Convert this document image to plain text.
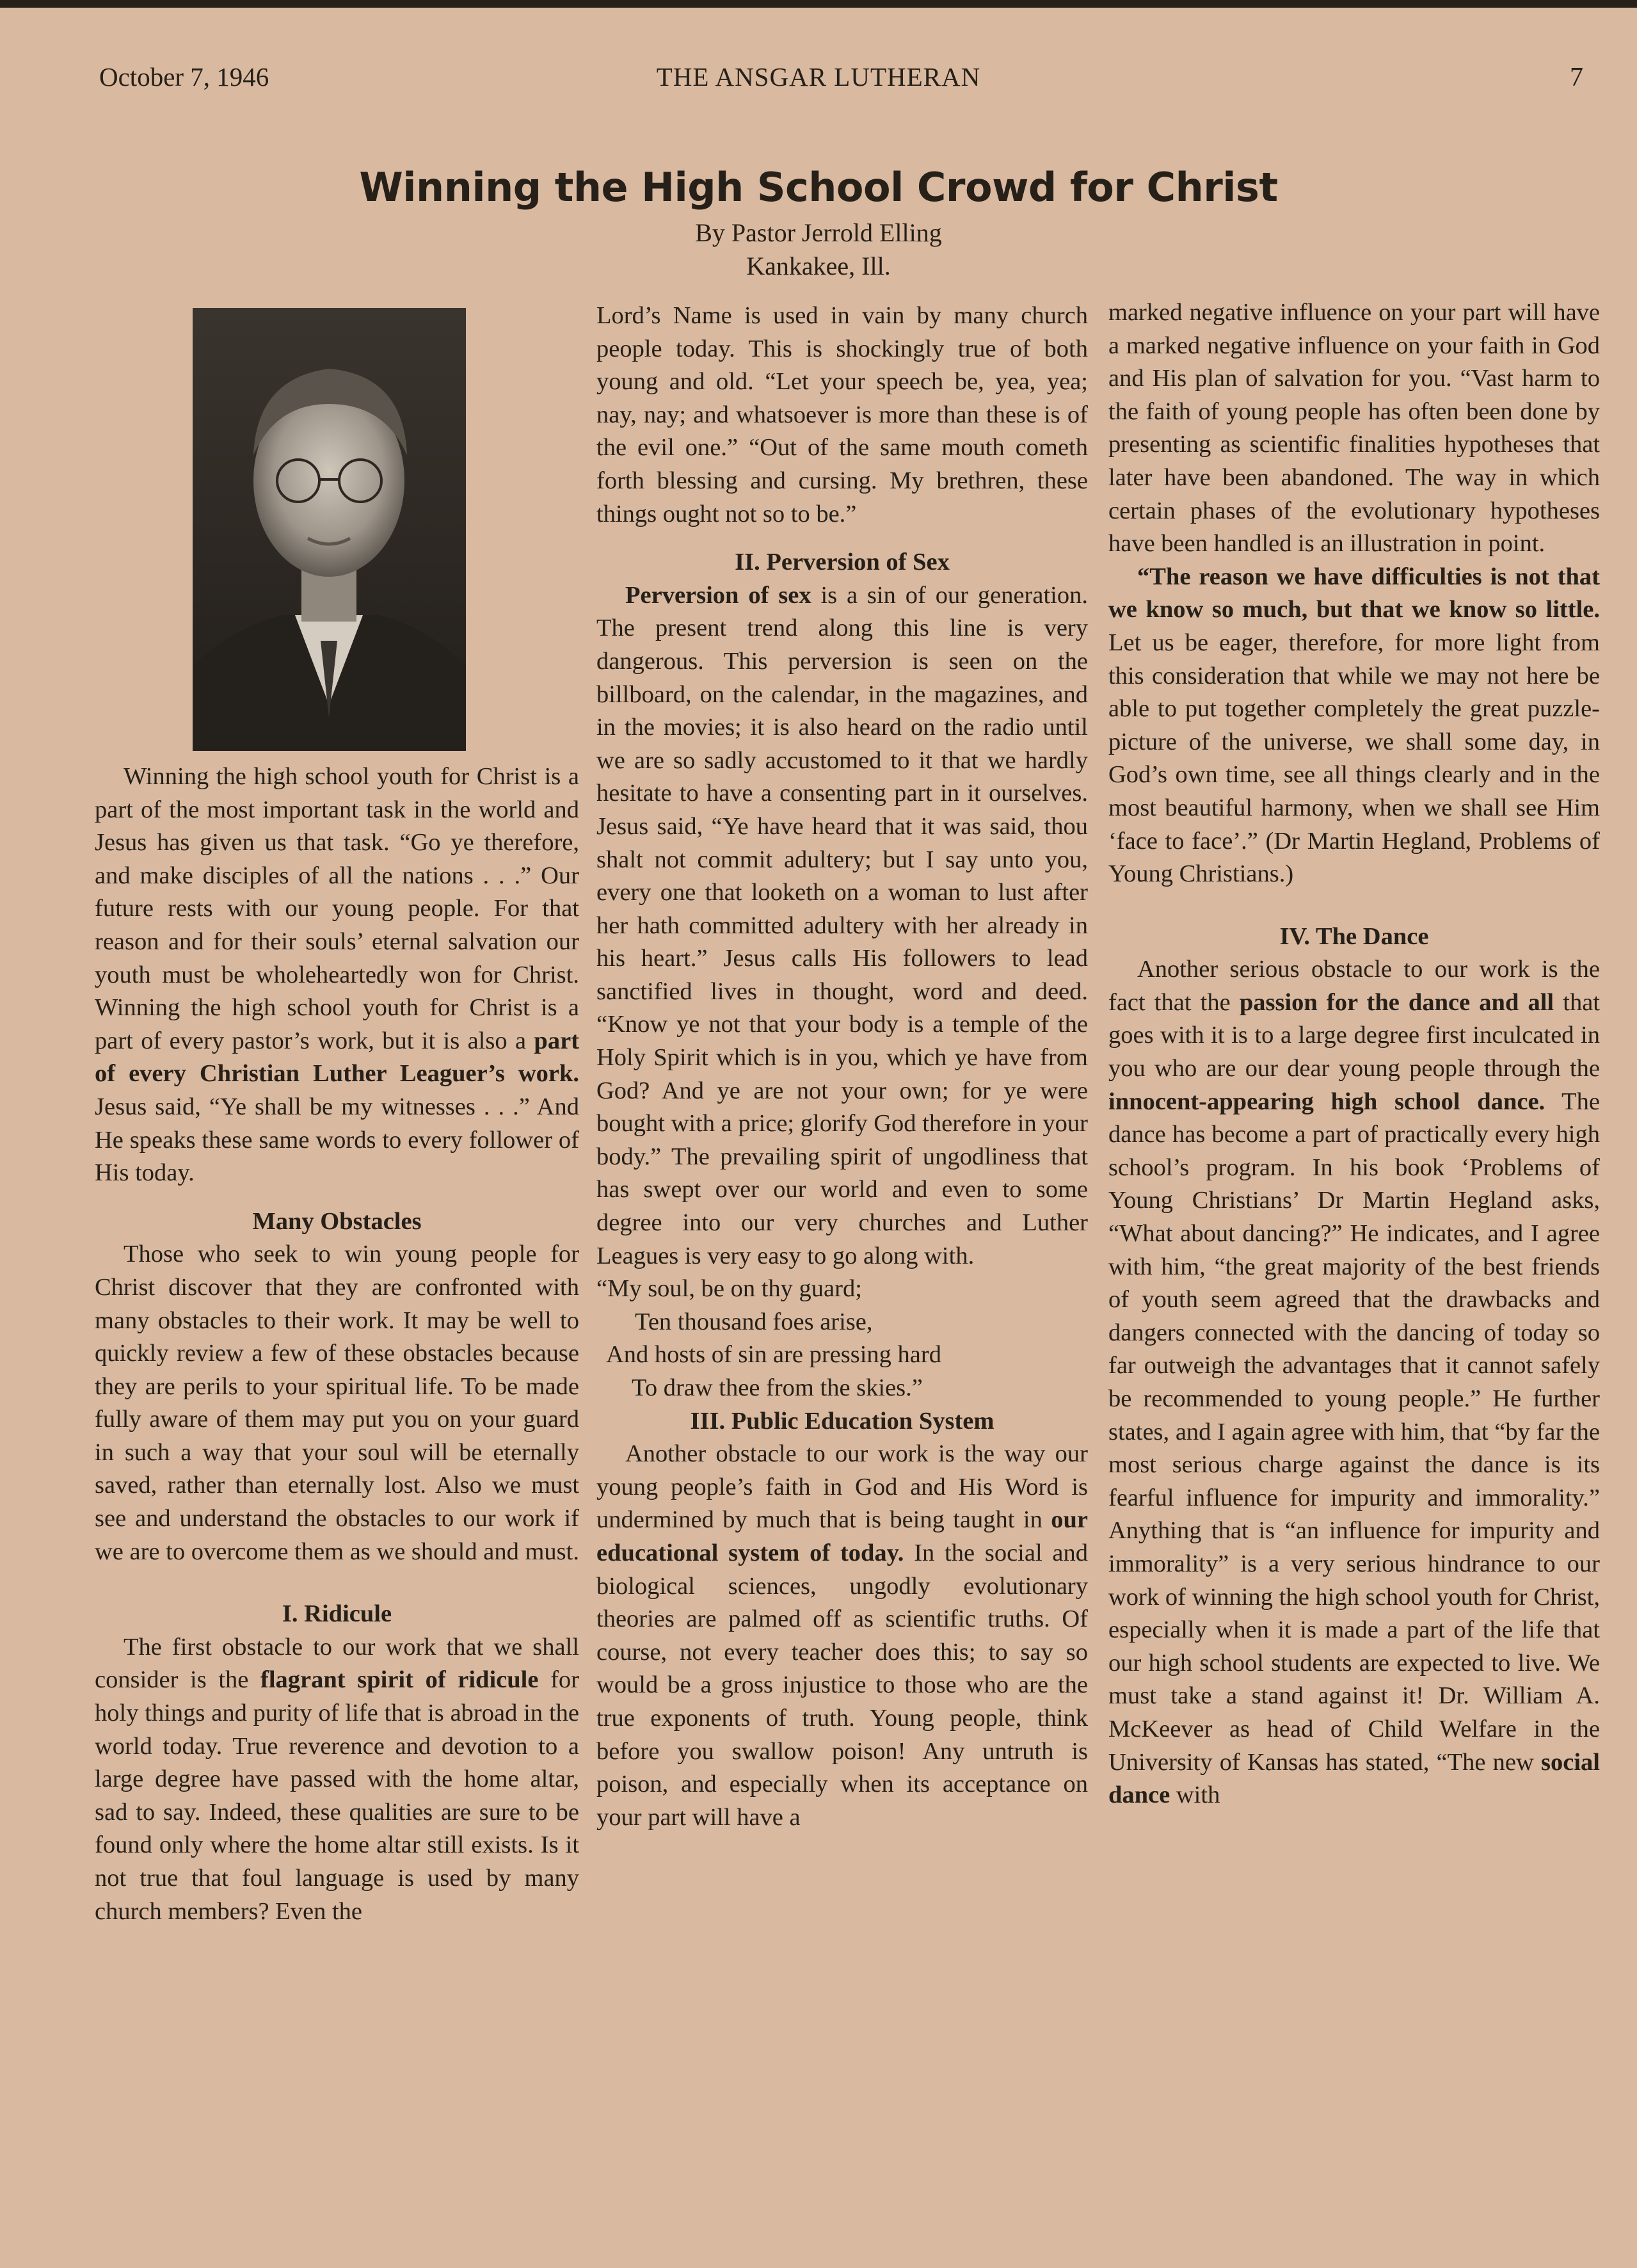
October 7, 1946	THE ANSGAR LUTHERAN	7
Winning the High School Crowd for Christ
By Pastor Jerrold Elling
Kankakee, Ill.

Winning the high school youth for Christ is a part of the most important task in the world and Jesus has given us that task. “Go ye therefore, and make disciples of all the nations . . .” Our future rests with our young people. For that reason and for their souls’ eternal salvation our youth must be wholeheartedly won for Christ. Winning the high school youth for Christ is a part of every pastor’s work, but it is also a part of every Christian Luther Leaguer’s work. Jesus said, “Ye shall be my witnesses . . .” And He speaks these same words to every follower of His today.

Many Obstacles

Those who seek to win young people for Christ discover that they are confronted with many obstacles to their work. It may be well to quickly review a few of these obstacles because they are perils to your spiritual life. To be made fully aware of them may put you on your guard in such a way that your soul will be eternally saved, rather than eternally lost. Also we must see and understand the obstacles to our work if we are to overcome them as we should and must.

I. Ridicule

The first obstacle to our work that we shall consider is the flagrant spirit of ridicule for holy things and purity of life that is abroad in the world today. True reverence and devotion to a large degree have passed with the home altar, sad to say. Indeed, these qualities are sure to be found only where the home altar still exists. Is it not true that foul language is used by many church members? Even the

Lord’s Name is used in vain by many church people today. This is shockingly true of both young and old. “Let your speech be, yea, yea; nay, nay; and whatsoever is more than these is of the evil one.” “Out of the same mouth cometh forth blessing and cursing. My brethren, these things ought not so to be.”

II. Perversion of Sex

Perversion of sex is a sin of our generation. The present trend along this line is very dangerous. This perversion is seen on the billboard, on the calendar, in the magazines, and in the movies; it is also heard on the radio until we are so sadly accustomed to it that we hardly hesitate to have a consenting part in it ourselves. Jesus said, “Ye have heard that it was said, thou shalt not commit adultery; but I say unto you, every one that looketh on a woman to lust after her hath committed adultery with her already in his heart.” Jesus calls His followers to lead sanctified lives in thought, word and deed. “Know ye not that your body is a temple of the Holy Spirit which is in you, which ye have from God? And ye are not your own; for ye were bought with a price; glorify God therefore in your body.” The prevailing spirit of ungodliness that has swept over our world and even to some degree into our very churches and Luther Leagues is very easy to go along with.

“My soul, be on thy guard;
Ten thousand foes arise,
And hosts of sin are pressing hard
To draw thee from the skies.”

III. Public Education System

Another obstacle to our work is the way our young people’s faith in God and His Word is undermined by much that is being taught in our educational system of today. In the social and biological sciences, ungodly evolutionary theories are palmed off as scientific truths. Of course, not every teacher does this; to say so would be a gross injustice to those who are the true exponents of truth. Young people, think before you swallow poison! Any untruth is poison, and especially when its acceptance on your part will have a

marked negative influence on your part will have a marked negative influence on your faith in God and His plan of salvation for you. “Vast harm to the faith of young people has often been done by presenting as scientific finalities hypotheses that later have been abandoned. The way in which certain phases of the evolutionary hypotheses have been handled is an illustration in point.

“The reason we have difficulties is not that we know so much, but that we know so little. Let us be eager, therefore, for more light from this consideration that while we may not here be able to put together completely the great puzzle-picture of the universe, we shall some day, in God’s own time, see all things clearly and in the most beautiful harmony, when we shall see Him ‘face to face’.” (Dr Martin Hegland, Problems of Young Christians.)

IV. The Dance

Another serious obstacle to our work is the fact that the passion for the dance and all that goes with it is to a large degree first inculcated in you who are our dear young people through the innocent-appearing high school dance. The dance has become a part of practically every high school’s program. In his book ‘Problems of Young Christians’ Dr Martin Hegland asks, “What about dancing?” He indicates, and I agree with him, “the great majority of the best friends of youth seem agreed that the drawbacks and dangers connected with the dancing of today so far outweigh the advantages that it cannot safely be recommended to young people.” He further states, and I again agree with him, that “by far the most serious charge against the dance is its fearful influence for impurity and immorality.” Anything that is “an influence for impurity and immorality” is a very serious hindrance to our work of winning the high school youth for Christ, especially when it is made a part of the life that our high school students are expected to live. We must take a stand against it! Dr. William A. McKeever as head of Child Welfare in the University of Kansas has stated, “The new social dance with
